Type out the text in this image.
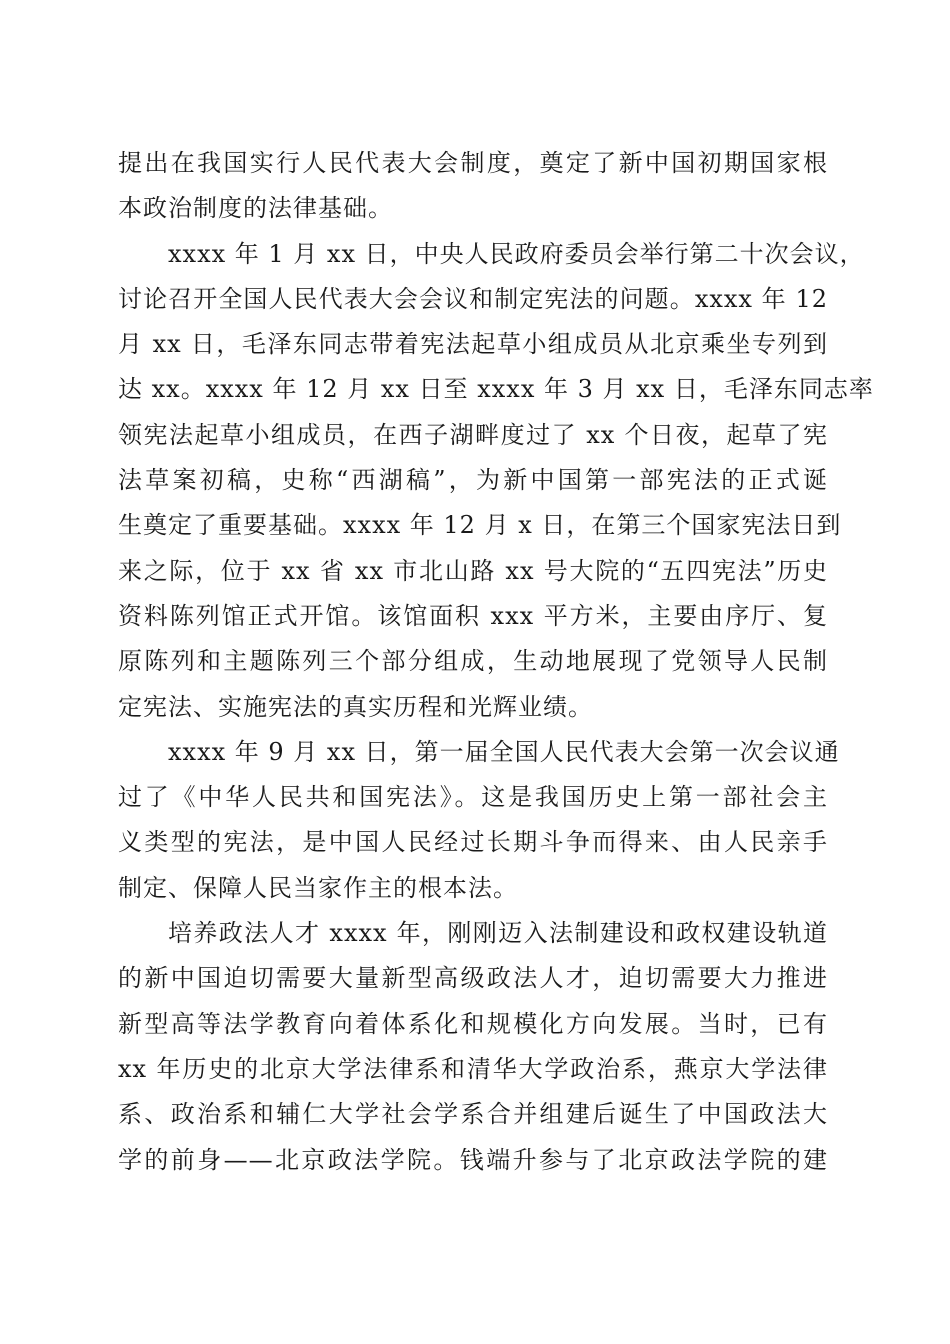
提出在我国实行人民代表大会制度，奠定了新中国初期国家根
本政治制度的法律基础。
xxxx 年 1 月 xx 日，中央人民政府委员会举行第二十次会议，
讨论召开全国人民代表大会会议和制定宪法的问题。xxxx 年 12
月 xx 日，毛泽东同志带着宪法起草小组成员从北京乘坐专列到
达 xx。xxxx 年 12 月 xx 日至 xxxx 年 3 月 xx 日，毛泽东同志率
领宪法起草小组成员，在西子湖畔度过了 xx 个日夜，起草了宪
法草案初稿，史称“西湖稿”，为新中国第一部宪法的正式诞
生奠定了重要基础。xxxx 年 12 月 x 日，在第三个国家宪法日到
来之际，位于 xx 省 xx 市北山路 xx 号大院的“五四宪法”历史
资料陈列馆正式开馆。该馆面积 xxx 平方米，主要由序厅、复
原陈列和主题陈列三个部分组成，生动地展现了党领导人民制
定宪法、实施宪法的真实历程和光辉业绩。
xxxx 年 9 月 xx 日，第一届全国人民代表大会第一次会议通
过了《中华人民共和国宪法》。这是我国历史上第一部社会主
义类型的宪法，是中国人民经过长期斗争而得来、由人民亲手
制定、保障人民当家作主的根本法。
培养政法人才 xxxx 年，刚刚迈入法制建设和政权建设轨道
的新中国迫切需要大量新型高级政法人才，迫切需要大力推进
新型高等法学教育向着体系化和规模化方向发展。当时，已有
xx 年历史的北京大学法律系和清华大学政治系，燕京大学法律
系、政治系和辅仁大学社会学系合并组建后诞生了中国政法大
学的前身——北京政法学院。钱端升参与了北京政法学院的建
